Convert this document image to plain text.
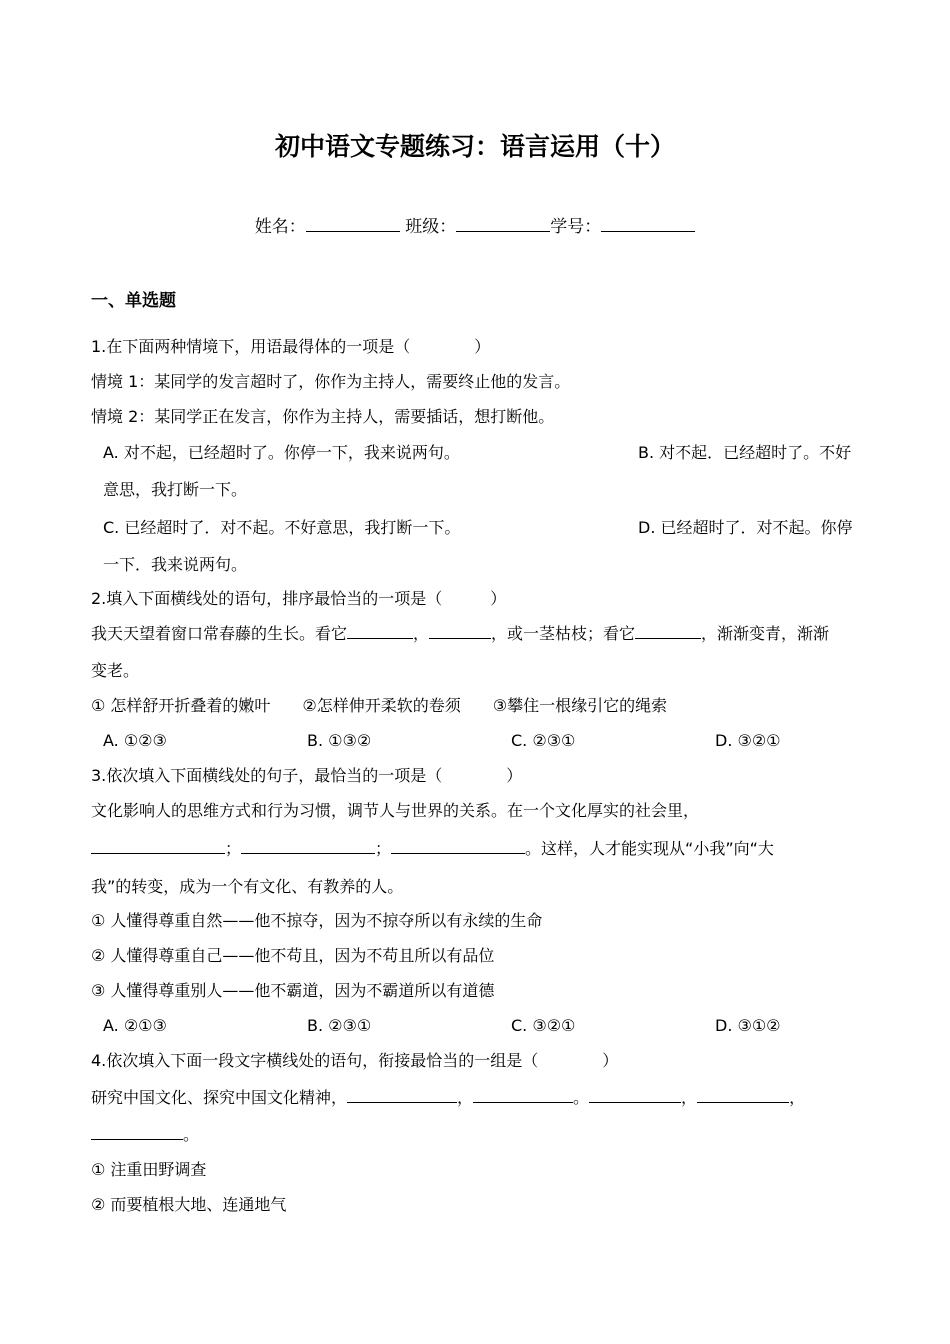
初中语文专题练习：语言运用（十）
姓名：	班级：	学号：
一、单选题
1.在下面两种情境下，用语最得体的一项是（　　　　）
情境 1：某同学的发言超时了，你作为主持人，需要终止他的发言。
情境 2：某同学正在发言，你作为主持人，需要插话，想打断他。
A. 对不起，已经超时了。你停一下，我来说两句。	B. 对不起．已经超时了。不好
意思，我打断一下。
C. 已经超时了．对不起。不好意思，我打断一下。	D. 已经超时了．对不起。你停
一下．我来说两句。
2.填入下面横线处的语句，排序最恰当的一项是（　　　）
我天天望着窗口常春藤的生长。看它	，	，或一茎枯枝；看它	，渐渐变青，渐渐
变老。
① 怎样舒开折叠着的嫩叶　　②怎样伸开柔软的卷须　　③攀住一根缘引它的绳索
A. ①②③	B. ①③②	C. ②③①	D. ③②①
3.依次填入下面横线处的句子，最恰当的一项是（　　　　）
文化影响人的思维方式和行为习惯，调节人与世界的关系。在一个文化厚实的社会里，
；	；	。这样，人才能实现从“小我”向“大
我”的转变，成为一个有文化、有教养的人。
① 人懂得尊重自然——他不掠夺，因为不掠夺所以有永续的生命
② 人懂得尊重自己——他不苟且，因为不苟且所以有品位
③ 人懂得尊重别人——他不霸道，因为不霸道所以有道德
A. ②①③	B. ②③①	C. ③②①	D. ③①②
4.依次填入下面一段文字横线处的语句，衔接最恰当的一组是（　　　　）
研究中国文化、探究中国文化精神，	，	。	，	，
。
① 注重田野调查
② 而要植根大地、连通地气
